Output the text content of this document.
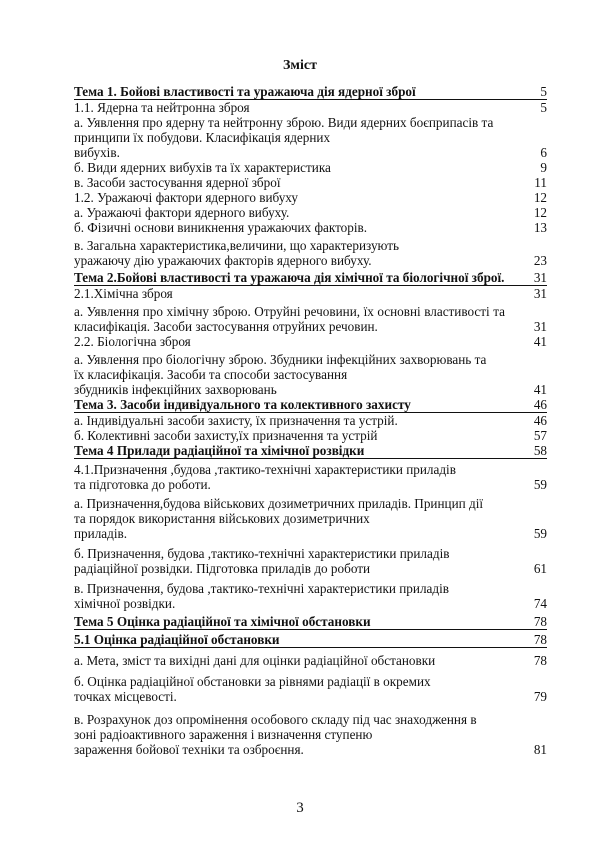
Зміст
Тема 1. Бойові властивості та уражаюча дія ядерної зброї	5
1.1. Ядерна та нейтронна зброя	5
а. Уявлення про ядерну та нейтронну зброю. Види ядерних боєприпасів та принципи їх побудови. Класифікація ядерних
вибухів.	6
б. Види ядерних вибухів та їх характеристика	9
в. Засоби застосування ядерної зброї	11
1.2. Уражаючі фактори ядерного вибуху	12
а. Уражаючі фактори ядерного вибуху.	12
б. Фізичні основи виникнення уражаючих факторів.	13
в. Загальна характеристика,величини, що характеризують
уражаючу дію уражаючих факторів ядерного вибуху.	23
Тема 2.Бойові властивості та уражаюча дія хімічної та біологічної зброї.	31
2.1.Хімічна зброя	31
а. Уявлення про хімічну зброю. Отруйні речовини, їх основні властивості та класифікація. Засоби застосування отруйних речовин.	31
2.2. Біологічна зброя	41
а. Уявлення про біологічну зброю. Збудники інфекційних захворювань та
їх класифікація. Засоби та способи застосування
збудників інфекційних захворювань	41
Тема 3. Засоби індивідуального та колективного захисту	46
а. Індивідуальні засоби захисту, їх призначення та устрій.	46
б. Колективні засоби захисту,їх призначення та устрій	57
Тема 4 Прилади радіаційної та хімічної розвідки	58
4.1.Призначення ,будова ,тактико-технічні характеристики приладів
та підготовка до роботи.	59
а. Призначення,будова військових дозиметричних приладів. Принцип дії
та порядок використання військових дозиметричних
приладів.	59
б. Призначення, будова ,тактико-технічні характеристики приладів
радіаційної розвідки. Підготовка приладів до роботи	61
в. Призначення, будова ,тактико-технічні характеристики приладів
хімічної розвідки.	74
Тема 5 Оцінка радіаційної та хімічної обстановки	78
5.1 Оцінка радіаційної обстановки	78
а. Мета, зміст та вихідні дані для оцінки радіаційної обстановки	78
б. Оцінка радіаційної обстановки за рівнями радіації в окремих
точках місцевості.	79
в. Розрахунок доз опромінення особового складу під час знаходження в
зоні радіоактивного зараження і визначення ступеню
зараження бойової техніки та озброєння.	81
3
